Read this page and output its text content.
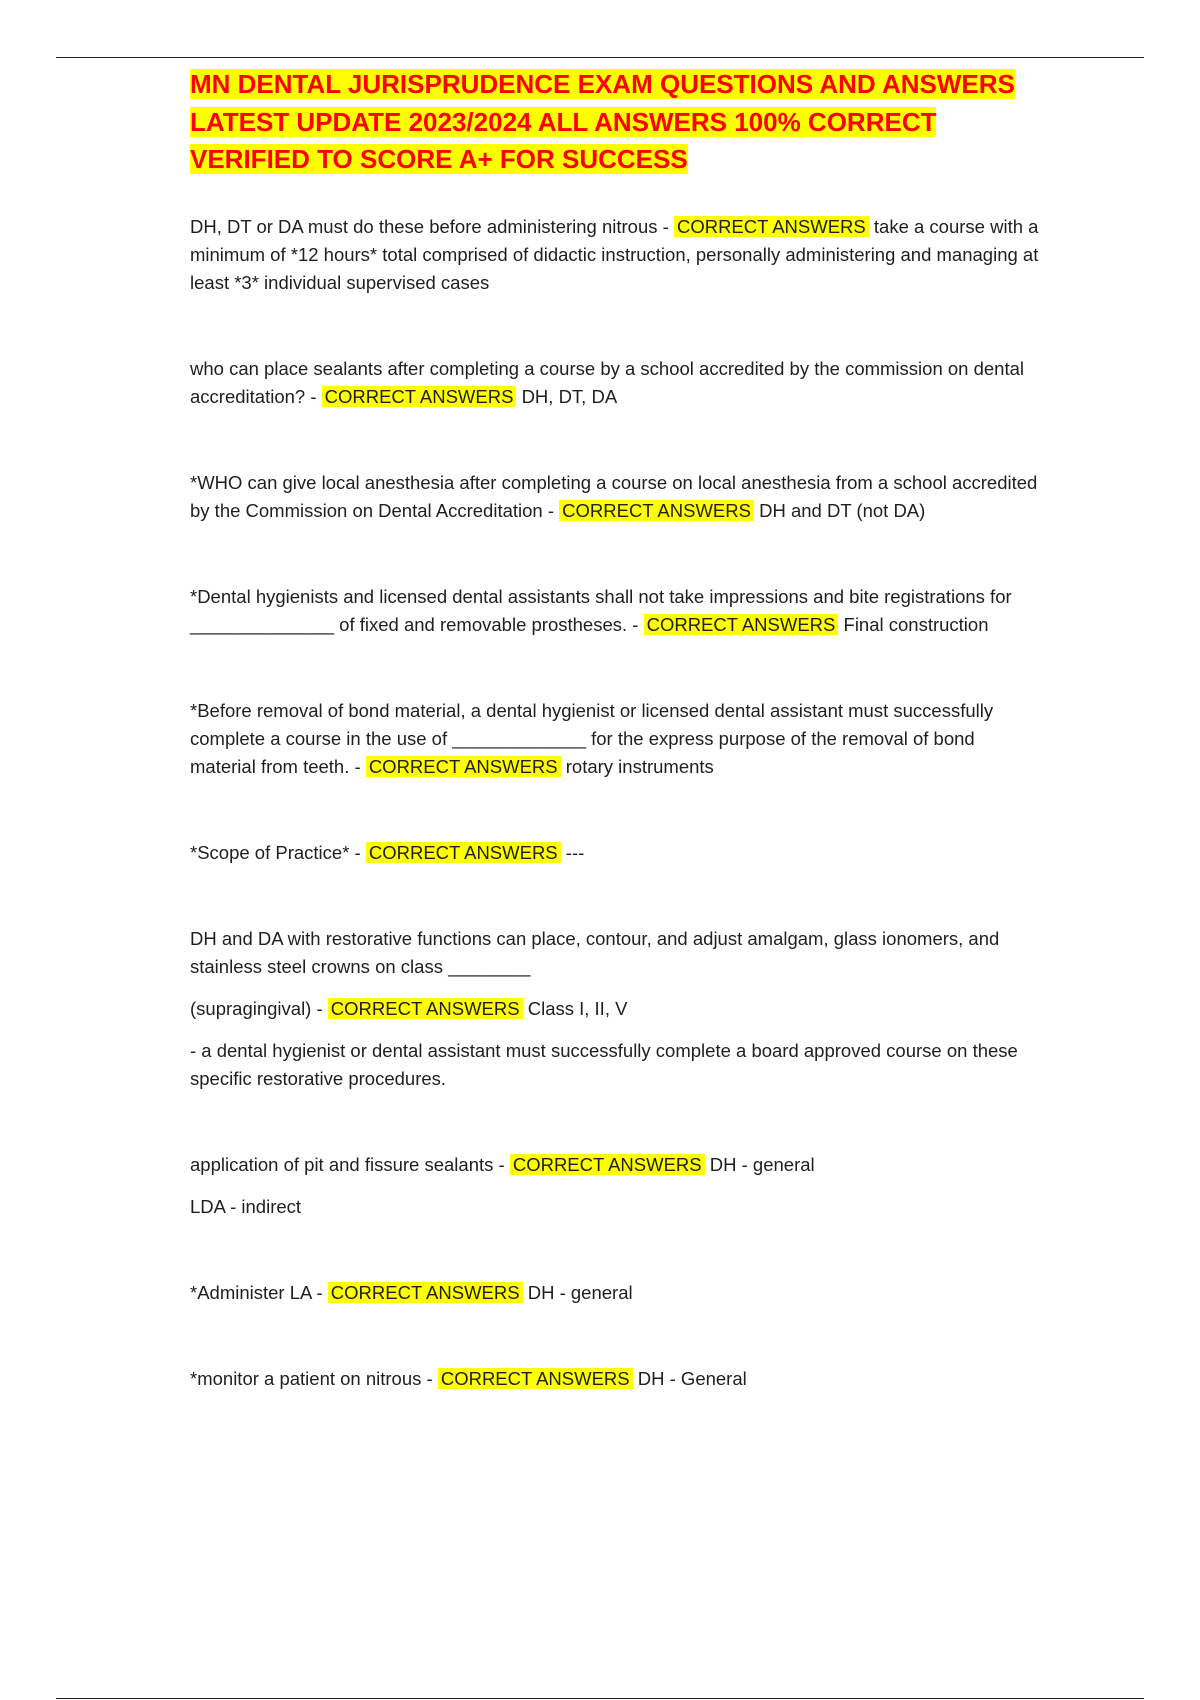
MN DENTAL JURISPRUDENCE EXAM QUESTIONS AND ANSWERS LATEST UPDATE 2023/2024 ALL ANSWERS 100% CORRECT VERIFIED TO SCORE A+ FOR SUCCESS

DH, DT or DA must do these before administering nitrous - CORRECT ANSWERS take a course with a minimum of *12 hours* total comprised of didactic instruction, personally administering and managing at least *3* individual supervised cases

who can place sealants after completing a course by a school accredited by the commission on dental accreditation? - CORRECT ANSWERS DH, DT, DA

*WHO can give local anesthesia after completing a course on local anesthesia from a school accredited by the Commission on Dental Accreditation - CORRECT ANSWERS DH and DT (not DA)

*Dental hygienists and licensed dental assistants shall not take impressions and bite registrations for ______________ of fixed and removable prostheses. - CORRECT ANSWERS Final construction

*Before removal of bond material, a dental hygienist or licensed dental assistant must successfully complete a course in the use of _____________ for the express purpose of the removal of bond material from teeth. - CORRECT ANSWERS rotary instruments

*Scope of Practice* - CORRECT ANSWERS ---

DH and DA with restorative functions can place, contour, and adjust amalgam, glass ionomers, and stainless steel crowns on class ________

(supragingival) - CORRECT ANSWERS Class I, II, V

- a dental hygienist or dental assistant must successfully complete a board approved course on these specific restorative procedures.

application of pit and fissure sealants - CORRECT ANSWERS DH - general

LDA - indirect

*Administer LA - CORRECT ANSWERS DH - general

*monitor a patient on nitrous - CORRECT ANSWERS DH - General
